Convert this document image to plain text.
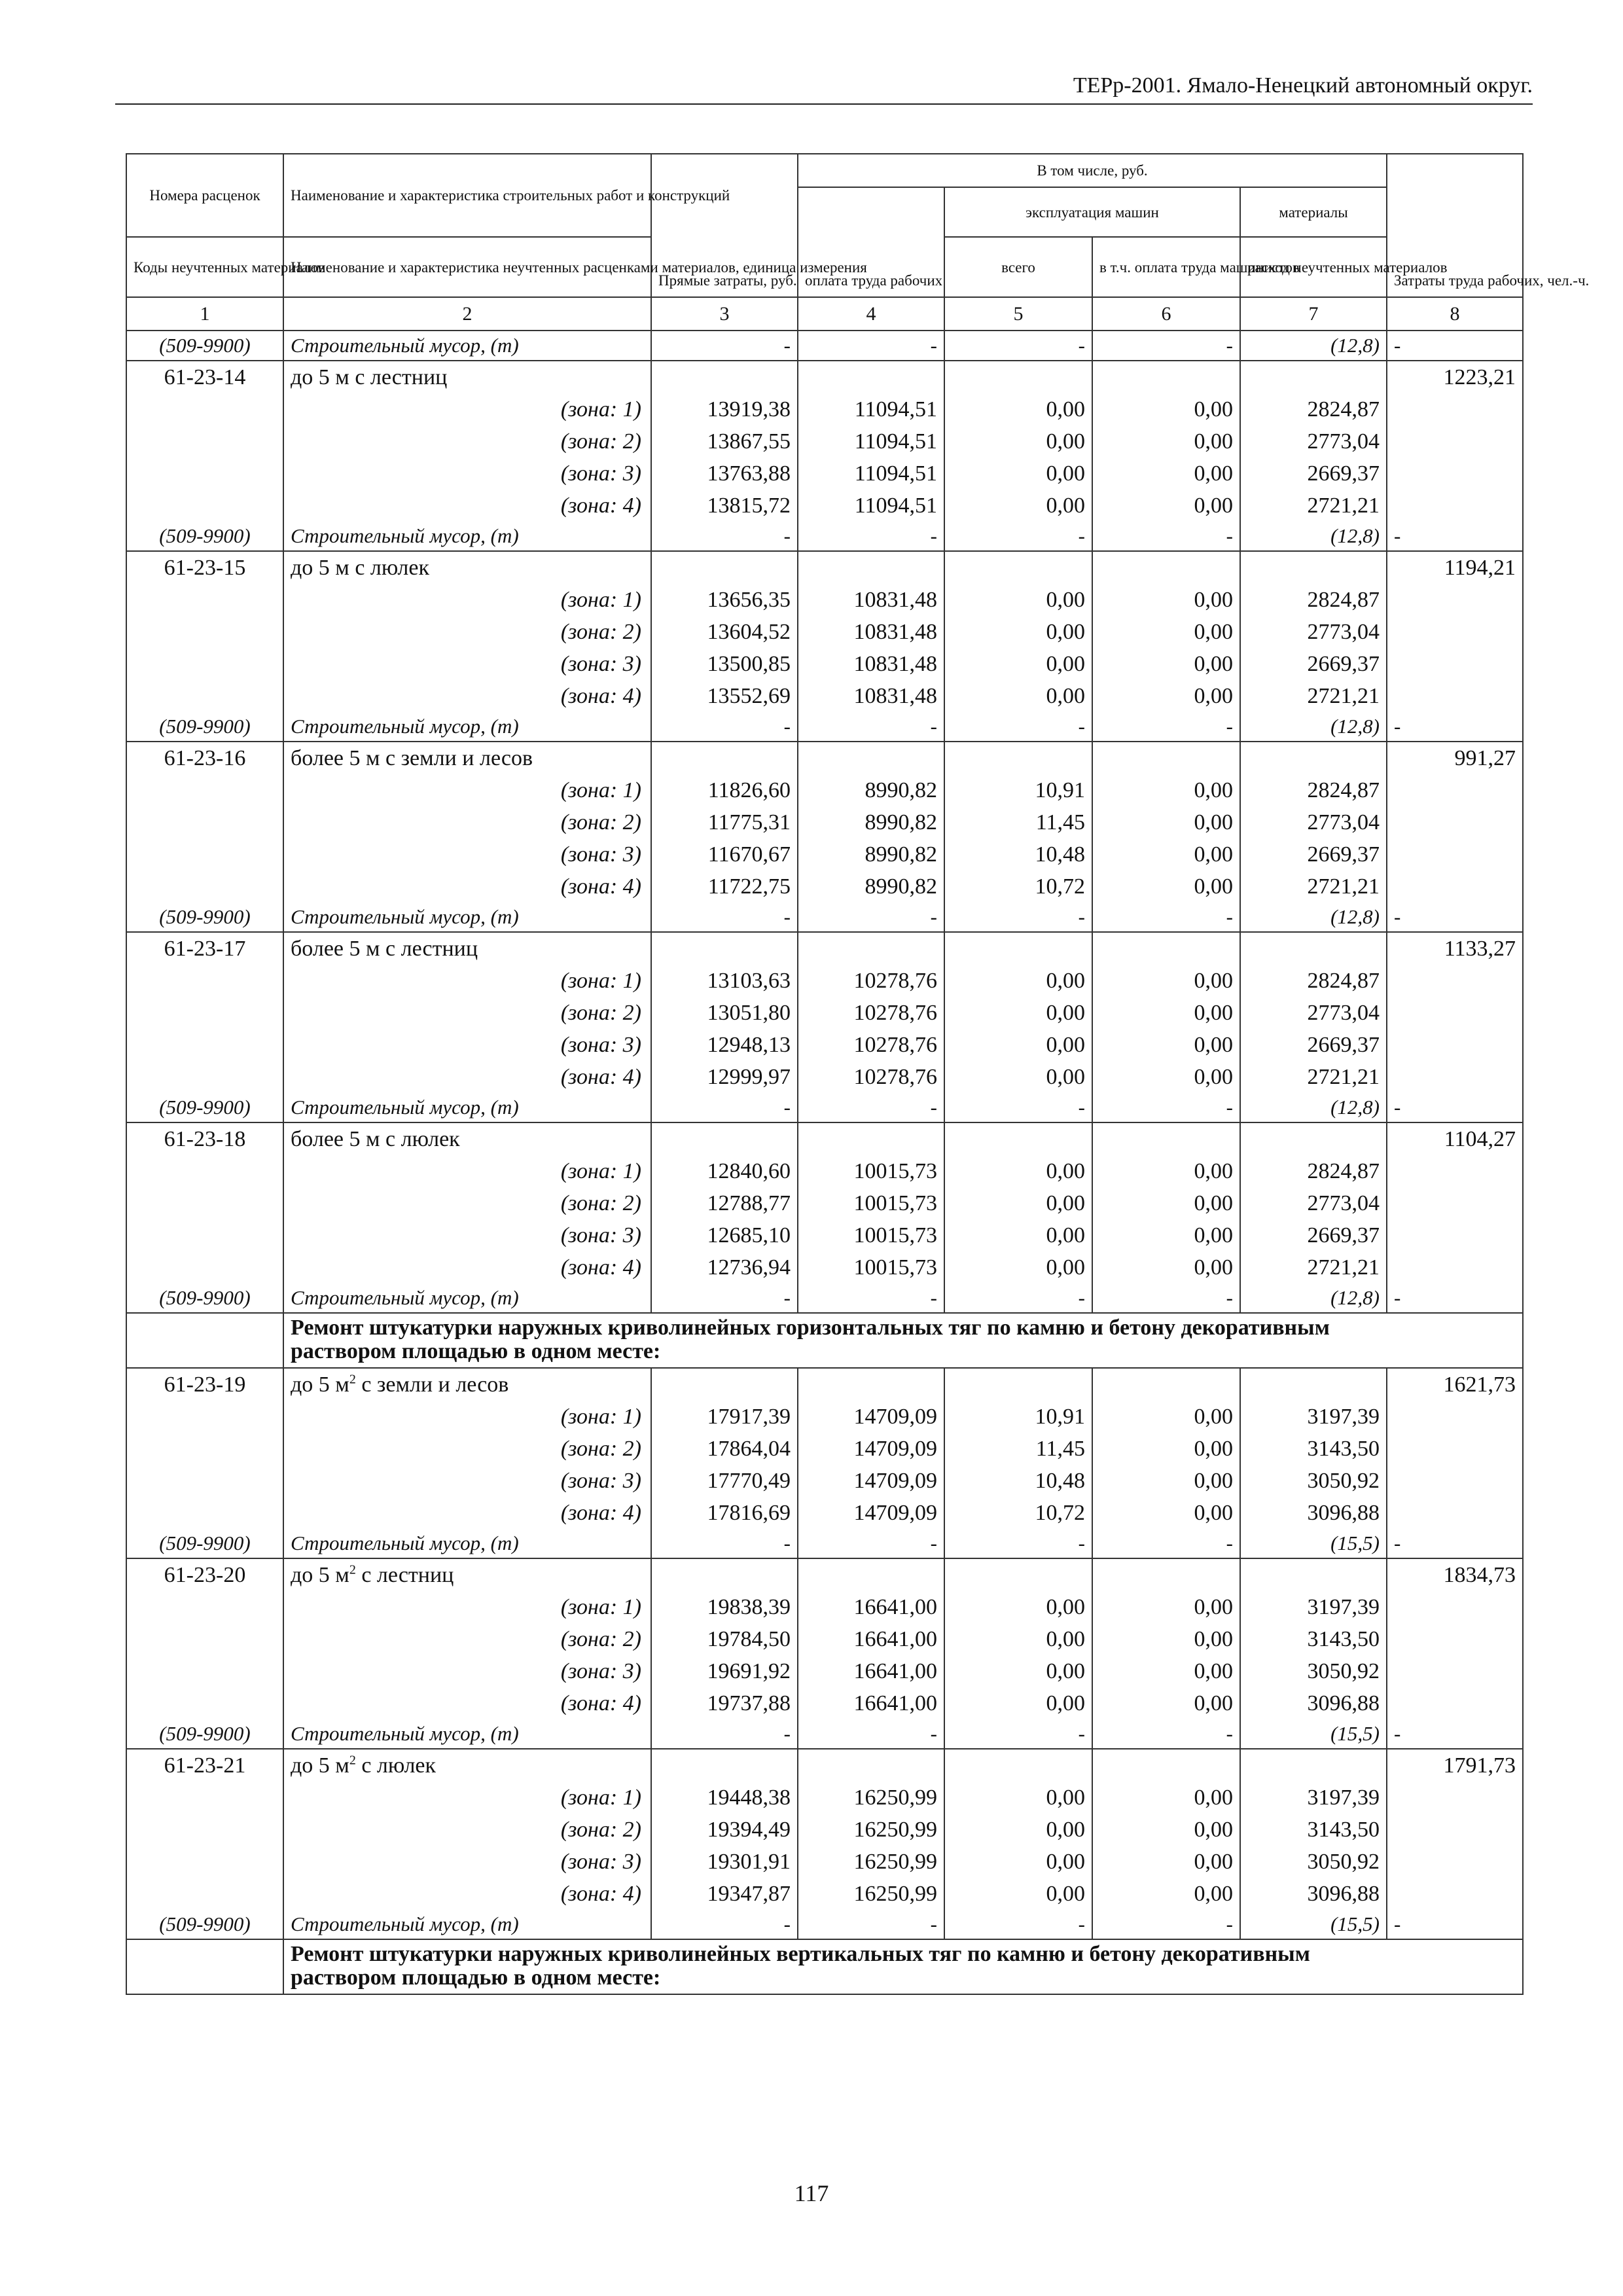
ТЕРр-2001. Ямало-Ненецкий автономный округ.
Номера расценок	Наименование и характеристика строительных работ и конструкций	Прямые затраты, руб.	В том числе, руб.				Затраты труда рабочих, чел.-ч.
			оплата труда рабочих	эксплуатация машин		материалы	
Коды неучтенных материалов	Наименование и характеристика неучтенных расценками материалов, единица измерения			всего	в т.ч. оплата труда машинистов	расход неучтенных материалов	
1	2	3	4	5	6	7	8
(509-9900)	Строительный мусор, (т)	-	-	-	-	(12,8)	-
61-23-14	до 5 м с лестниц						1223,21
	(зона: 1)	13919,38	11094,51	0,00	0,00	2824,87	
	(зона: 2)	13867,55	11094,51	0,00	0,00	2773,04	
	(зона: 3)	13763,88	11094,51	0,00	0,00	2669,37	
	(зона: 4)	13815,72	11094,51	0,00	0,00	2721,21	
(509-9900)	Строительный мусор, (т)	-	-	-	-	(12,8)	-
61-23-15	до 5 м с люлек						1194,21
	(зона: 1)	13656,35	10831,48	0,00	0,00	2824,87	
	(зона: 2)	13604,52	10831,48	0,00	0,00	2773,04	
	(зона: 3)	13500,85	10831,48	0,00	0,00	2669,37	
	(зона: 4)	13552,69	10831,48	0,00	0,00	2721,21	
(509-9900)	Строительный мусор, (т)	-	-	-	-	(12,8)	-
61-23-16	более 5 м с земли и лесов						991,27
	(зона: 1)	11826,60	8990,82	10,91	0,00	2824,87	
	(зона: 2)	11775,31	8990,82	11,45	0,00	2773,04	
	(зона: 3)	11670,67	8990,82	10,48	0,00	2669,37	
	(зона: 4)	11722,75	8990,82	10,72	0,00	2721,21	
(509-9900)	Строительный мусор, (т)	-	-	-	-	(12,8)	-
61-23-17	более 5 м с лестниц						1133,27
	(зона: 1)	13103,63	10278,76	0,00	0,00	2824,87	
	(зона: 2)	13051,80	10278,76	0,00	0,00	2773,04	
	(зона: 3)	12948,13	10278,76	0,00	0,00	2669,37	
	(зона: 4)	12999,97	10278,76	0,00	0,00	2721,21	
(509-9900)	Строительный мусор, (т)	-	-	-	-	(12,8)	-
61-23-18	более 5 м с люлек						1104,27
	(зона: 1)	12840,60	10015,73	0,00	0,00	2824,87	
	(зона: 2)	12788,77	10015,73	0,00	0,00	2773,04	
	(зона: 3)	12685,10	10015,73	0,00	0,00	2669,37	
	(зона: 4)	12736,94	10015,73	0,00	0,00	2721,21	
(509-9900)	Строительный мусор, (т)	-	-	-	-	(12,8)	-
	Ремонт штукатурки наружных криволинейных горизонтальных тяг по камню и бетону декоративным раствором площадью в одном месте:						
61-23-19	до 5 $м^2$ с земли и лесов						1621,73
	(зона: 1)	17917,39	14709,09	10,91	0,00	3197,39	
	(зона: 2)	17864,04	14709,09	11,45	0,00	3143,50	
	(зона: 3)	17770,49	14709,09	10,48	0,00	3050,92	
	(зона: 4)	17816,69	14709,09	10,72	0,00	3096,88	
(509-9900)	Строительный мусор, (т)	-	-	-	-	(15,5)	-
61-23-20	до 5 $м^2$ с лестниц						1834,73
	(зона: 1)	19838,39	16641,00	0,00	0,00	3197,39	
	(зона: 2)	19784,50	16641,00	0,00	0,00	3143,50	
	(зона: 3)	19691,92	16641,00	0,00	0,00	3050,92	
	(зона: 4)	19737,88	16641,00	0,00	0,00	3096,88	
(509-9900)	Строительный мусор, (т)	-	-	-	-	(15,5)	-
61-23-21	до 5 $м^2$ с люлек						1791,73
	(зона: 1)	19448,38	16250,99	0,00	0,00	3197,39	
	(зона: 2)	19394,49	16250,99	0,00	0,00	3143,50	
	(зона: 3)	19301,91	16250,99	0,00	0,00	3050,92	
	(зона: 4)	19347,87	16250,99	0,00	0,00	3096,88	
(509-9900)	Строительный мусор, (т)	-	-	-	-	(15,5)	-
	Ремонт штукатурки наружных криволинейных вертикальных тяг по камню и бетону декоративным раствором площадью в одном месте:						
117
